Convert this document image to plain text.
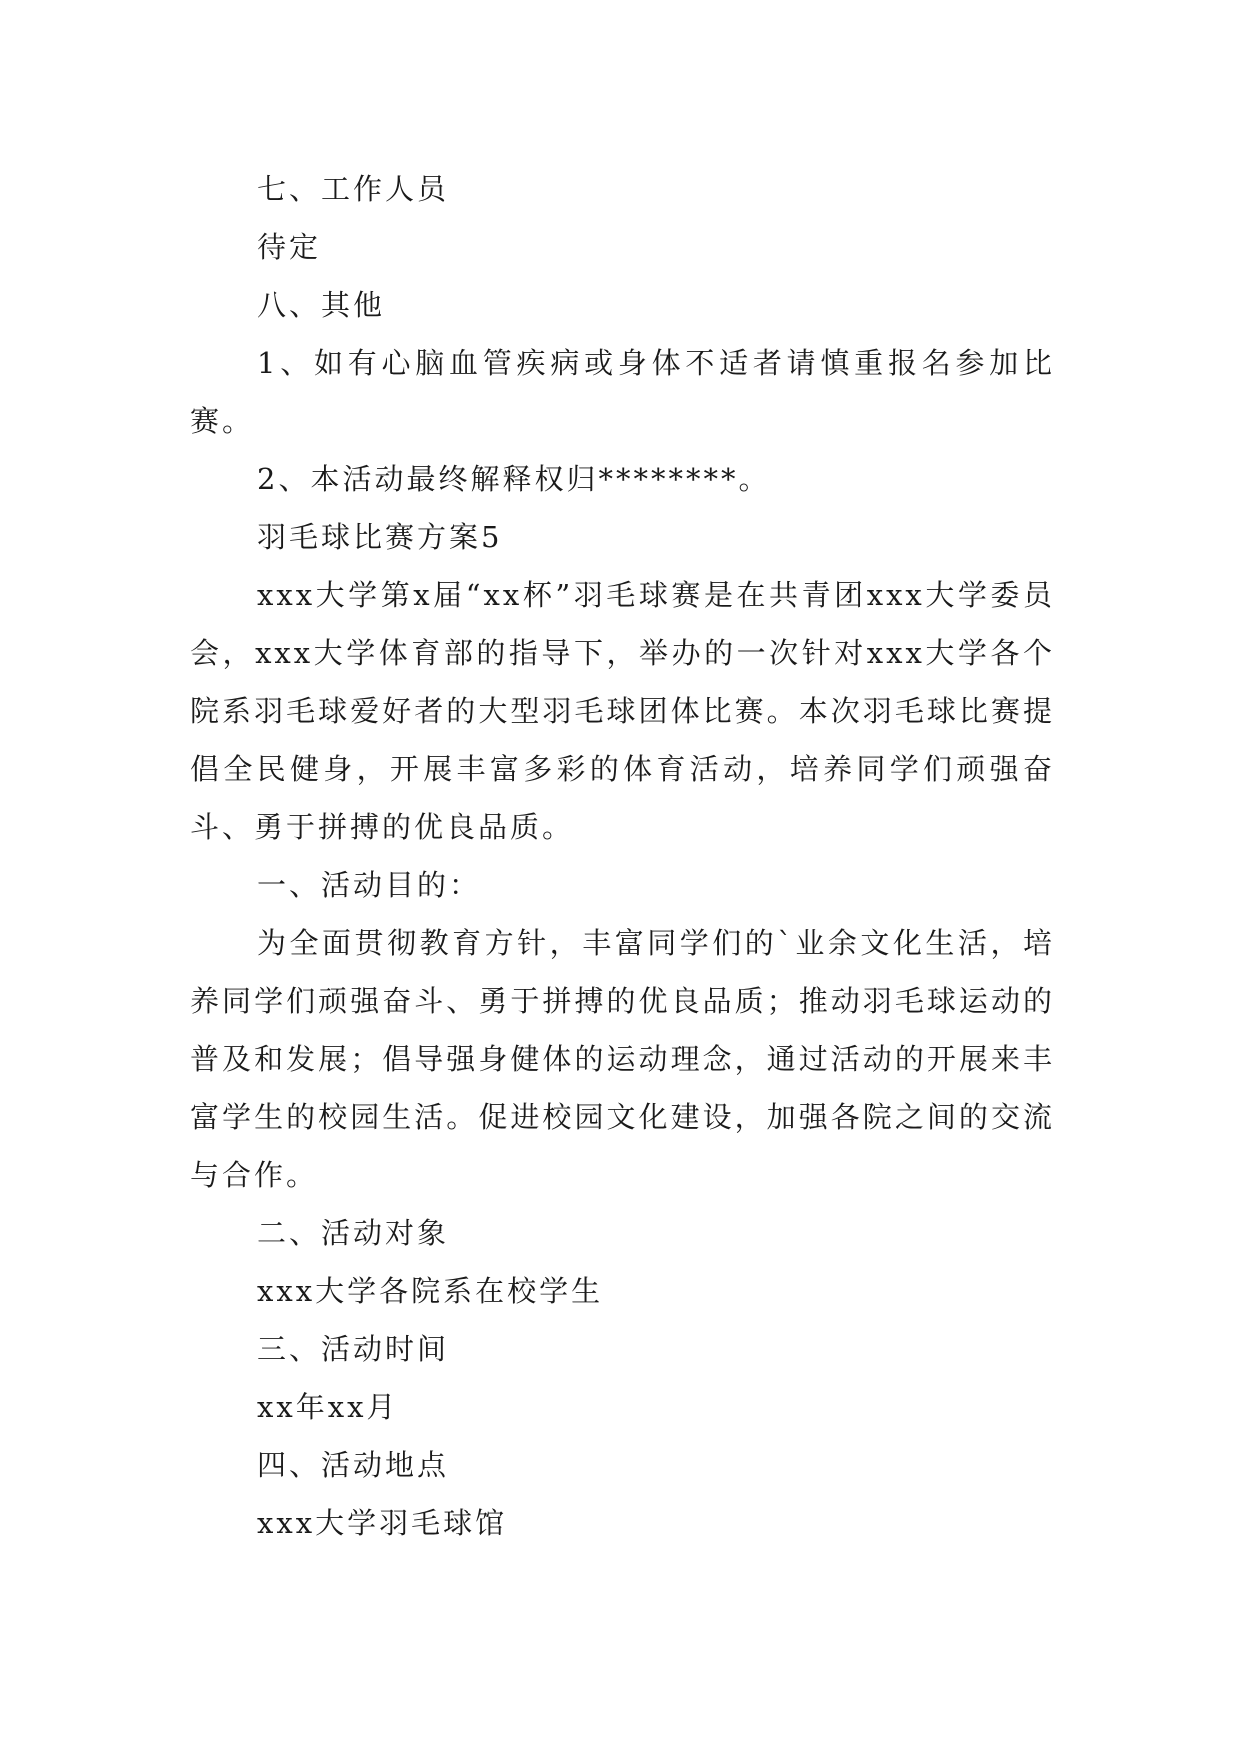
七、工作人员

待定

八、其他

1、如有心脑血管疾病或身体不适者请慎重报名参加比赛。

2、本活动最终解释权归********。

羽毛球比赛方案5

xxx大学第x届“xx杯”羽毛球赛是在共青团xxx大学委员会，xxx大学体育部的指导下，举办的一次针对xxx大学各个院系羽毛球爱好者的大型羽毛球团体比赛。本次羽毛球比赛提倡全民健身，开展丰富多彩的体育活动，培养同学们顽强奋斗、勇于拼搏的优良品质。

一、活动目的：

为全面贯彻教育方针，丰富同学们的`业余文化生活，培养同学们顽强奋斗、勇于拼搏的优良品质；推动羽毛球运动的普及和发展；倡导强身健体的运动理念，通过活动的开展来丰富学生的校园生活。促进校园文化建设，加强各院之间的交流与合作。

二、活动对象

xxx大学各院系在校学生

三、活动时间

xx年xx月

四、活动地点

xxx大学羽毛球馆
